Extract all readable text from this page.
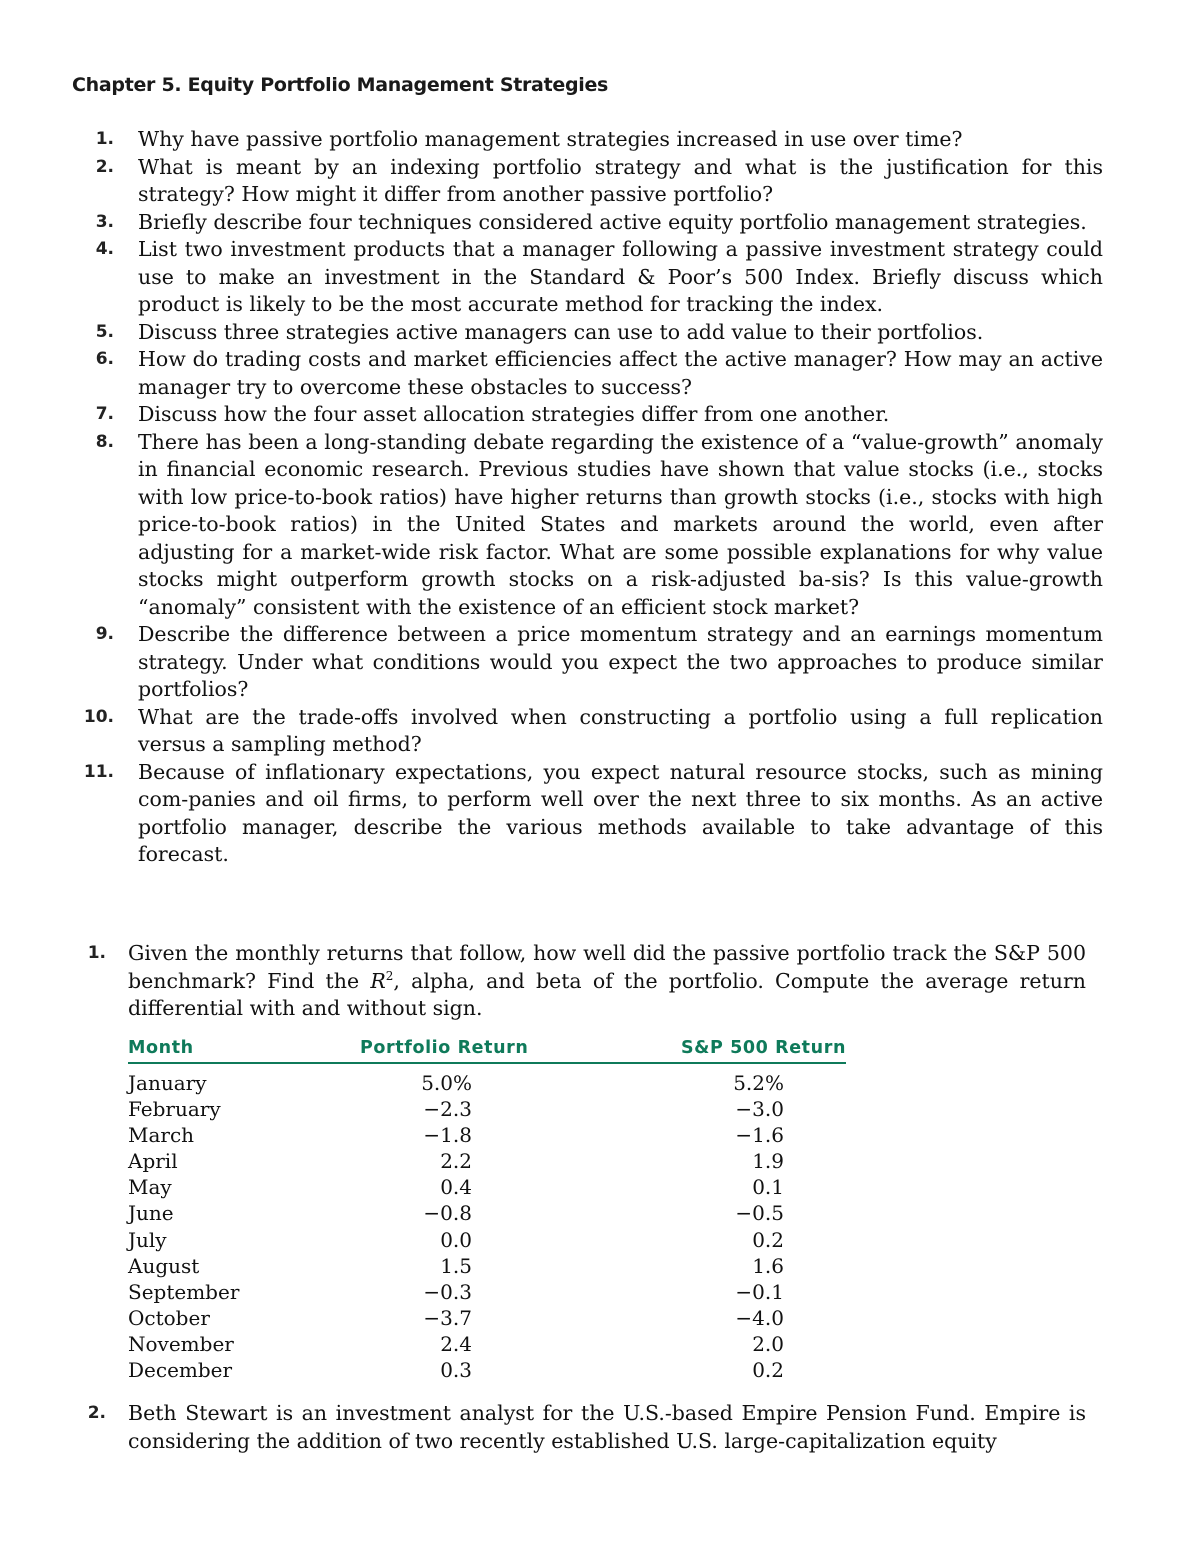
Chapter 5. Equity Portfolio Management Strategies
1. Why have passive portfolio management strategies increased in use over time?

2. What is meant by an indexing portfolio strategy and what is the justification for this strategy? How might it differ from another passive portfolio?

3. Briefly describe four techniques considered active equity portfolio management strategies.

4. List two investment products that a manager following a passive investment strategy could use to make an investment in the Standard & Poor’s 500 Index. Briefly discuss which product is likely to be the most accurate method for tracking the index.

5. Discuss three strategies active managers can use to add value to their portfolios.

6. How do trading costs and market efficiencies affect the active manager? How may an active manager try to overcome these obstacles to success?

7. Discuss how the four asset allocation strategies differ from one another.

8. There has been a long-standing debate regarding the existence of a “value-growth” anomaly in financial economic research. Previous studies have shown that value stocks (i.e., stocks with low price-to-book ratios) have higher returns than growth stocks (i.e., stocks with high price-to-book ratios) in the United States and markets around the world, even after adjusting for a market-wide risk factor. What are some possible explanations for why value stocks might outperform growth stocks on a risk-adjusted ba-sis? Is this value-growth “anomaly” consistent with the existence of an efficient stock market?

9. Describe the difference between a price momentum strategy and an earnings momentum strategy. Under what conditions would you expect the two approaches to produce similar portfolios?

10. What are the trade-offs involved when constructing a portfolio using a full replication versus a sampling method?

11. Because of inflationary expectations, you expect natural resource stocks, such as mining com-panies and oil firms, to perform well over the next three to six months. As an active portfolio manager, describe the various methods available to take advantage of this forecast.

1. Given the monthly returns that follow, how well did the passive portfolio track the S&P 500 benchmark? Find the $R^2$, alpha, and beta of the portfolio. Compute the average return differential with and without sign.

Month	Portfolio Return	S&P 500 Return
January	5.0%	5.2%
February	−2.3	−3.0
March	−1.8	−1.6
April	2.2	1.9
May	0.4	0.1
June	−0.8	−0.5
July	0.0	0.2
August	1.5	1.6
September	−0.3	−0.1
October	−3.7	−4.0
November	2.4	2.0
December	0.3	0.2
2. Beth Stewart is an investment analyst for the U.S.-based Empire Pension Fund. Empire is considering the addition of two recently established U.S. large-capitalization equity
